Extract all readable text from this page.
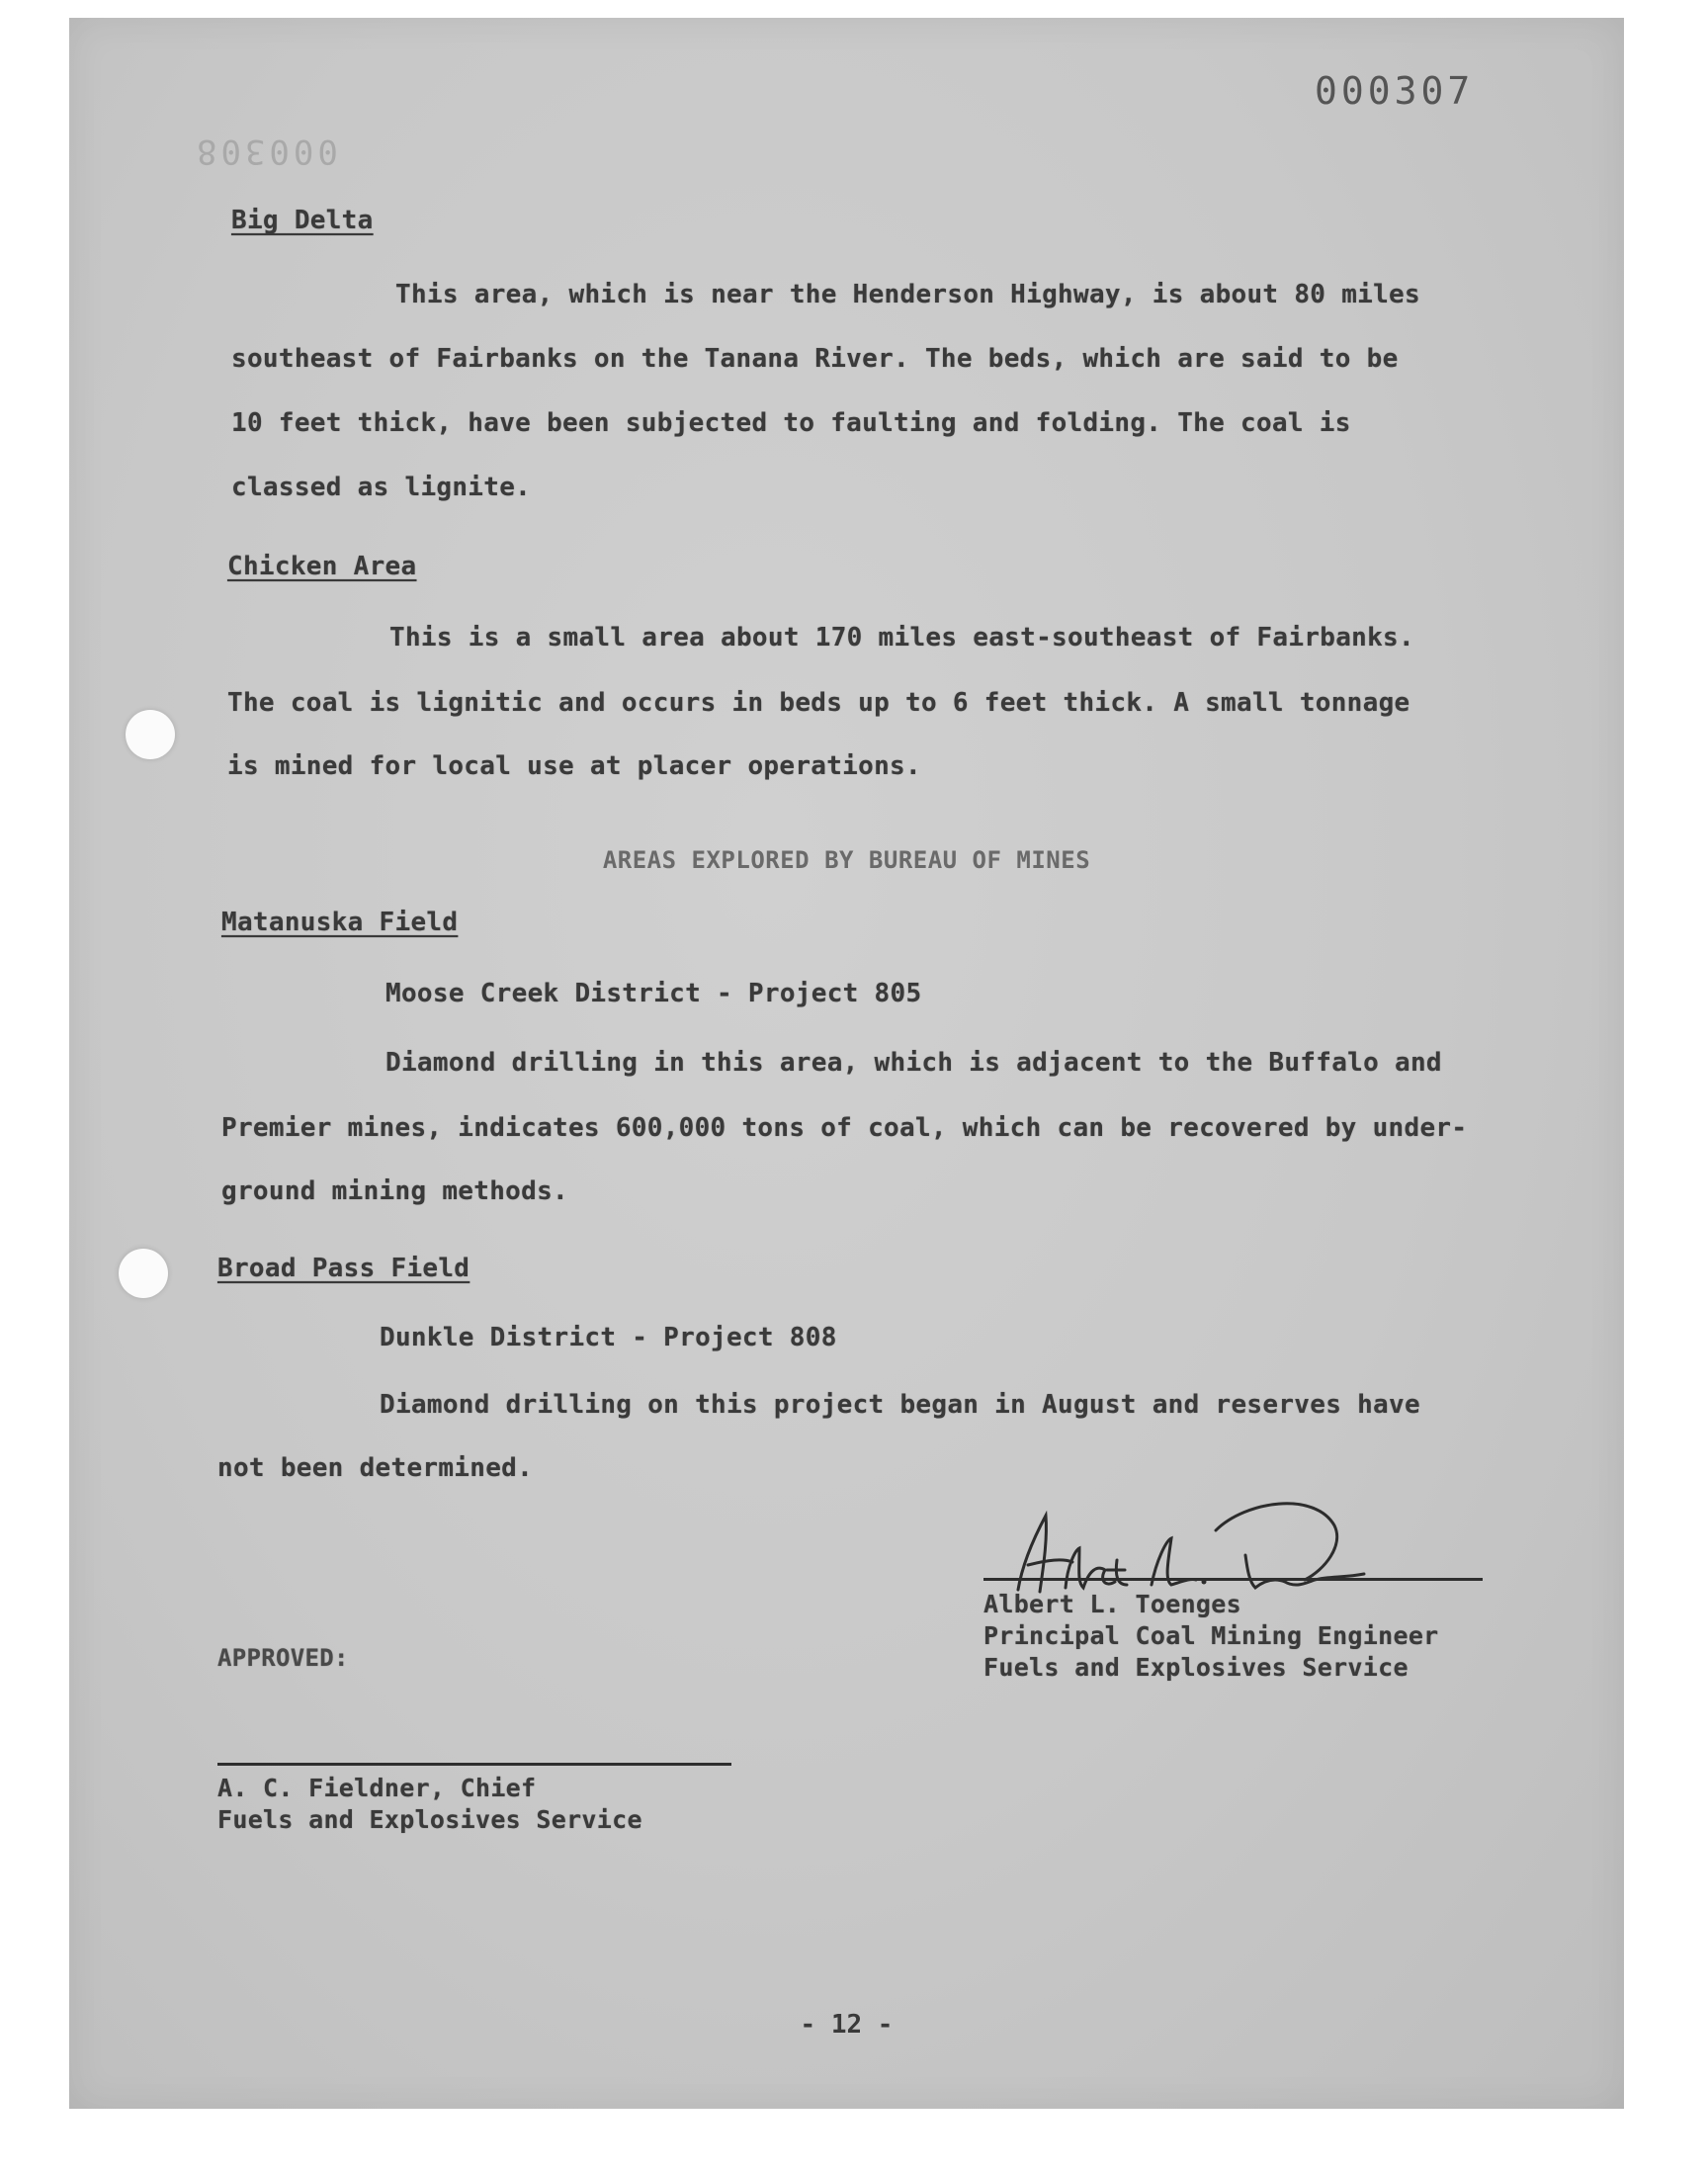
000307
000308
Big Delta
This area, which is near the Henderson Highway, is about 80 miles
southeast of Fairbanks on the Tanana River. The beds, which are said to be
10 feet thick, have been subjected to faulting and folding. The coal is
classed as lignite.
Chicken Area
This is a small area about 170 miles east-southeast of Fairbanks.
The coal is lignitic and occurs in beds up to 6 feet thick. A small tonnage
is mined for local use at placer operations.
AREAS EXPLORED BY BUREAU OF MINES
Matanuska Field
Moose Creek District - Project 805
Diamond drilling in this area, which is adjacent to the Buffalo and
Premier mines, indicates 600,000 tons of coal, which can be recovered by under-
ground mining methods.
Broad Pass Field
Dunkle District - Project 808
Diamond drilling on this project began in August and reserves have
not been determined.
Albert L. Toenges
Principal Coal Mining Engineer
Fuels and Explosives Service
APPROVED:
A. C. Fieldner, Chief
Fuels and Explosives Service
- 12 -
